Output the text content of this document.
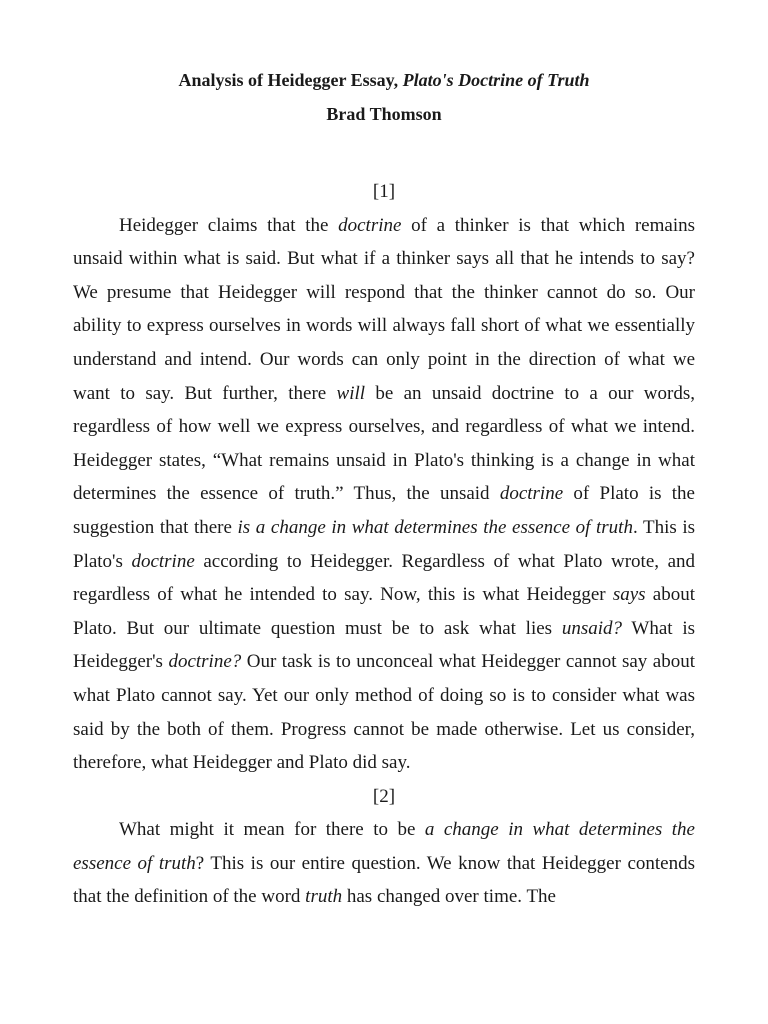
Analysis of Heidegger Essay, Plato's Doctrine of Truth

Brad Thomson

[1]

Heidegger claims that the doctrine of a thinker is that which remains unsaid within what is said. But what if a thinker says all that he intends to say? We presume that Heidegger will respond that the thinker cannot do so. Our ability to express ourselves in words will always fall short of what we essentially understand and intend. Our words can only point in the direction of what we want to say. But further, there will be an unsaid doctrine to a our words, regardless of how well we express ourselves, and regardless of what we intend. Heidegger states, “What remains unsaid in Plato's thinking is a change in what determines the essence of truth.” Thus, the unsaid doctrine of Plato is the suggestion that there is a change in what determines the essence of truth. This is Plato's doctrine according to Heidegger. Regardless of what Plato wrote, and regardless of what he intended to say. Now, this is what Heidegger says about Plato. But our ultimate question must be to ask what lies unsaid? What is Heidegger's doctrine? Our task is to unconceal what Heidegger cannot say about what Plato cannot say. Yet our only method of doing so is to consider what was said by the both of them. Progress cannot be made otherwise. Let us consider, therefore, what Heidegger and Plato did say.

[2]

What might it mean for there to be a change in what determines the essence of truth? This is our entire question. We know that Heidegger contends that the definition of the word truth has changed over time. The
